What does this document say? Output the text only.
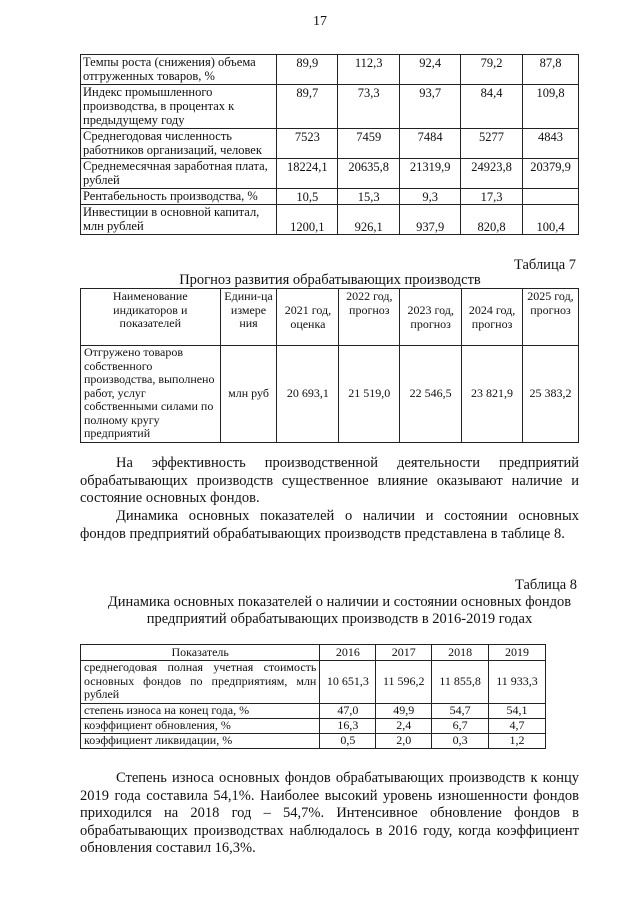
17
Темпы роста (снижения) объема отгруженных товаров, %	89,9	112,3	92,4	79,2	87,8
Индекс промышленного производства, в процентах к предыдущему году	89,7	73,3	93,7	84,4	109,8
Среднегодовая численность работников организаций, человек	7523	7459	7484	5277	4843
Среднемесячная заработная плата, рублей	18224,1	20635,8	21319,9	24923,8	20379,9
Рентабельность производства, %	10,5	15,3	9,3	17,3	
Инвестиции в основной капитал, млн рублей	1200,1	926,1	937,9	820,8	100,4
Таблица 7
Прогноз развития обрабатывающих производств
Наименование индикаторов и показателей	Едини-ца измере ния	2021 год, оценка	2022 год, прогноз	2023 год, прогноз	2024 год, прогноз	2025 год, прогноз
Отгружено товаров собственного производства, выполнено работ, услуг собственными силами по полному кругу предприятий	млн руб	20 693,1	21 519,0	22 546,5	23 821,9	25 383,2
На эффективность производственной деятельности предприятий обрабатывающих производств существенное влияние оказывают наличие и состояние основных фондов.
Динамика основных показателей о наличии и состоянии основных фондов предприятий обрабатывающих производств представлена в таблице 8.
Таблица 8
Динамика основных показателей о наличии и состоянии основных фондов предприятий обрабатывающих производств в 2016-2019 годах
Показатель	2016	2017	2018	2019
среднегодовая полная учетная стоимость основных фондов по предприятиям, млн рублей	10 651,3	11 596,2	11 855,8	11 933,3
степень износа на конец года, %	47,0	49,9	54,7	54,1
коэффициент обновления, %	16,3	2,4	6,7	4,7
коэффициент ликвидации, %	0,5	2,0	0,3	1,2
Степень износа основных фондов обрабатывающих производств к концу 2019 года составила 54,1%. Наиболее высокий уровень изношенности фондов приходился на 2018 год – 54,7%. Интенсивное обновление фондов в обрабатывающих производствах наблюдалось в 2016 году, когда коэффициент обновления составил 16,3%.
